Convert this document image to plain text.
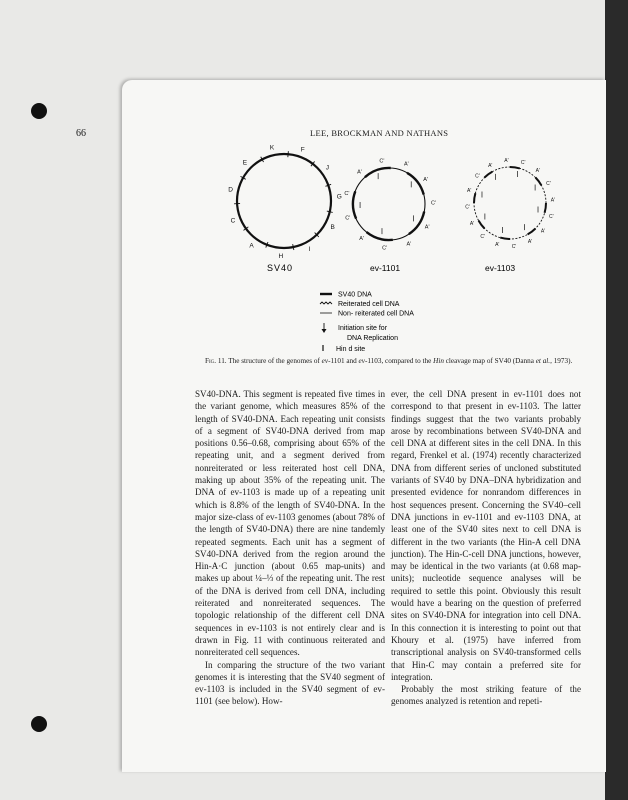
66	LEE, BROCKMAN AND NATHANS
F
J
G
B
I
H
A
C
D
E
K
C'	A'
A'
C'
A'
A'
C'
A'
C'
C'
A'
A' C'
A'
C'
A'
C'
A'
A'
C'
A'
C'
A'
C'
A'
C'
A'
SV40	ev-1101	ev-1103
SV40 DNA
Reiterated cell DNA
Non- reiterated cell DNA
Initiation site for
DNA Replication
Hin d site
Fig. 11. The structure of the genomes of ev-1101 and ev-1103, compared to the Hin cleavage map of SV40 (Danna et al., 1973).

SV40-DNA. This segment is repeated five times in the variant genome, which measures 85% of the length of SV40-DNA. Each repeating unit consists of a segment of SV40-DNA derived from map positions 0.56–0.68, comprising about 65% of the repeating unit, and a segment derived from nonreiterated or less reiterated host cell DNA, making up about 35% of the repeating unit. The DNA of ev-1103 is made up of a repeating unit which is 8.8% of the length of SV40-DNA. In the major size-class of ev-1103 genomes (about 78% of the length of SV40-DNA) there are nine tandemly repeated segments. Each unit has a segment of SV40-DNA derived from the region around the Hin-A·C junction (about 0.65 map-units) and makes up about ¼–⅓ of the repeating unit. The rest of the DNA is derived from cell DNA, including reiterated and nonreiterated sequences. The topologic relationship of the different cell DNA sequences in ev-1103 is not entirely clear and is drawn in Fig. 11 with continuous reiterated and nonreiterated cell sequences.

In comparing the structure of the two variant genomes it is interesting that the SV40 segment of ev-1103 is included in the SV40 segment of ev-1101 (see below). How-

ever, the cell DNA present in ev-1101 does not correspond to that present in ev-1103. The latter findings suggest that the two variants probably arose by recombinations between SV40-DNA and cell DNA at different sites in the cell DNA. In this regard, Frenkel et al. (1974) recently characterized DNA from different series of uncloned substituted variants of SV40 by DNA–DNA hybridization and presented evidence for nonrandom differences in host sequences present. Concerning the SV40–cell DNA junctions in ev-1101 and ev-1103 DNA, at least one of the SV40 sites next to cell DNA is different in the two variants (the Hin-A cell DNA junction). The Hin-C-cell DNA junctions, however, may be identical in the two variants (at 0.68 map-units); nucleotide sequence analyses will be required to settle this point. Obviously this result would have a bearing on the question of preferred sites on SV40-DNA for integration into cell DNA. In this connection it is interesting to point out that Khoury et al. (1975) have inferred from transcriptional analysis on SV40-transformed cells that Hin-C may contain a preferred site for integration.

Probably the most striking feature of the genomes analyzed is retention and repeti-
